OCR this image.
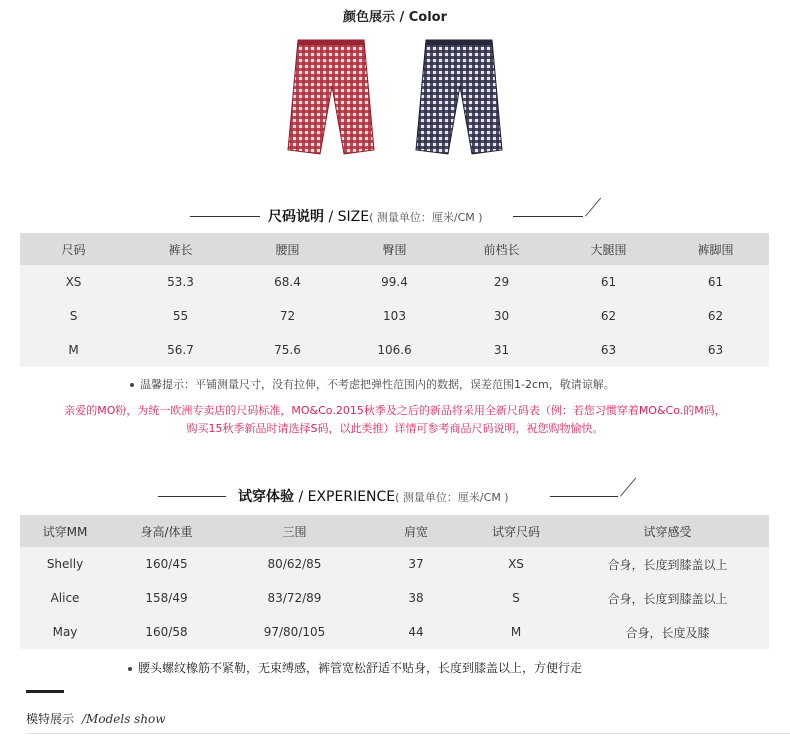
颜色展示 / Color
尺码说明 / SIZE( 测量单位：厘米/CM )
尺码	裤长	腰围	臀围	前档长	大腿围	裤脚围
XS	53.3	68.4	99.4	29	61	61
S	55	72	103	30	62	62
M	56.7	75.6	106.6	31	63	63
温馨提示：平铺测量尺寸，没有拉伸，不考虑把弹性范围内的数据，误差范围1-2cm，敬请谅解。
亲爱的MO粉，为统一欧洲专卖店的尺码标准，MO&Co.2015秋季及之后的新品将采用全新尺码表（例：若您习惯穿着MO&Co.的M码，
购买15秋季新品时请选择S码，以此类推）详情可参考商品尺码说明，祝您购物愉快。
试穿体验 / EXPERIENCE( 测量单位：厘米/CM )
试穿MM	身高/体重	三围	肩宽	试穿尺码	试穿感受
Shelly	160/45	80/62/85	37	XS	合身，长度到膝盖以上
Alice	158/49	83/72/89	38	S	合身，长度到膝盖以上
May	160/58	97/80/105	44	M	合身，长度及膝
腰头螺纹橡筋不紧勒，无束缚感，裤管宽松舒适不贴身，长度到膝盖以上，方便行走
模特展示 /Models show
